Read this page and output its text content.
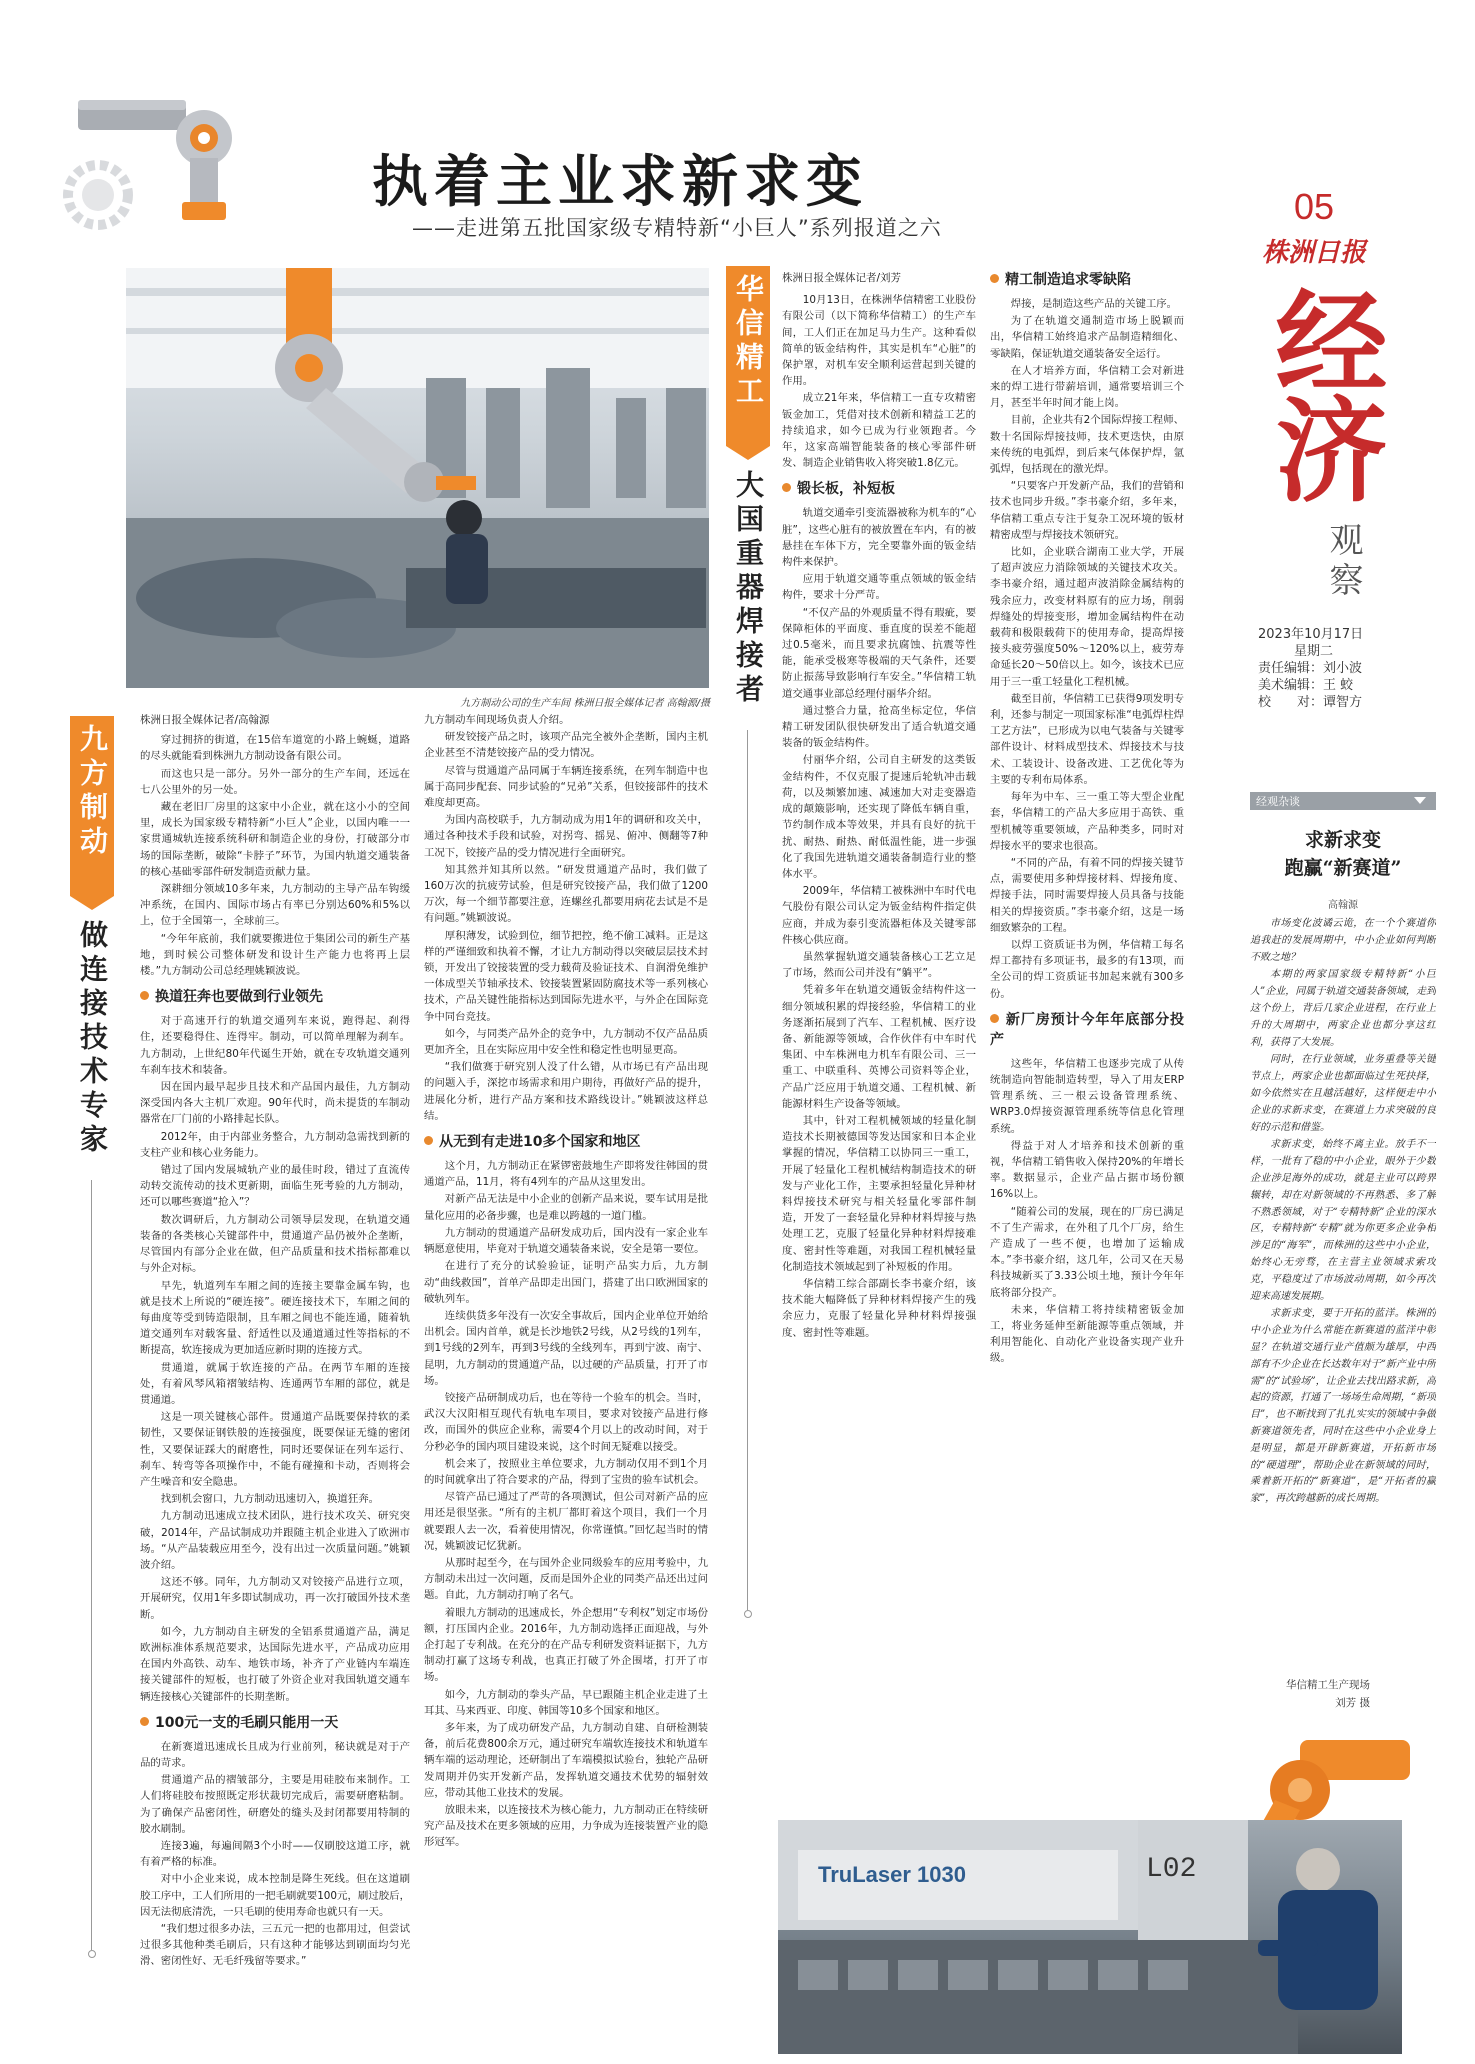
执着主业求新求变
——走进第五批国家级专精特新“小巨人”系列报道之六
05
株洲日报
经济
观察
2023年10月17日
星期二
责任编辑：刘小波
美术编辑：王 蛟
校　　对：谭智方
九方制动公司的生产车间 株洲日报全媒体记者 高翰源/摄
九方制动
做连接技术专家
株洲日报全媒体记者/高翰源

穿过拥挤的街道，在15倍车道宽的小路上蜿蜒，道路的尽头就能看到株洲九方制动设备有限公司。

而这也只是一部分。另外一部分的生产车间，还远在七八公里外的另一处。

藏在老旧厂房里的这家中小企业，就在这小小的空间里，成长为国家级专精特新“小巨人”企业，以国内唯一一家贯通城轨连接系统科研和制造企业的身份，打破部分市场的国际垄断，破除“卡脖子”环节，为国内轨道交通装备的核心基础零部件研发制造贡献力量。

深耕细分领域10多年来，九方制动的主导产品车钩缓冲系统，在国内、国际市场占有率已分别达60%和5%以上，位于全国第一，全球前三。

“今年年底前，我们就要搬进位于集团公司的新生产基地，到时候公司整体研发和设计生产能力也将再上层楼。”九方制动公司总经理姚颖波说。

换道狂奔也要做到行业领先

对于高速开行的轨道交通列车来说，跑得起、刹得住，还要稳得住、连得牢。制动，可以简单理解为刹车。九方制动，上世纪80年代诞生开始，就在专攻轨道交通列车刹车技术和装备。

因在国内最早起步且技术和产品国内最佳，九方制动深受国内各大主机厂欢迎。90年代时，尚未提货的车制动器常在厂门前的小路排起长队。

2012年，由于内部业务整合，九方制动急需找到新的支柱产业和核心业务能力。

错过了国内发展城轨产业的最佳时段，错过了直流传动转交流传动的技术更新期，面临生死考验的九方制动，还可以哪些赛道“抢入”？

数次调研后，九方制动公司领导层发现，在轨道交通装备的各类核心关键部件中，贯通道产品仍被外企垄断，尽管国内有部分企业在做，但产品质量和技术指标都难以与外企对标。

早先，轨道列车车厢之间的连接主要靠金属车钩，也就是技术上所说的“硬连接”。硬连接技术下，车厢之间的每曲度等受到铸造限制，且车厢之间也不能连通，随着轨道交通列车对载客量、舒适性以及通道通过性等指标的不断提高，软连接成为更加适应新时期的连接方式。

贯通道，就属于软连接的产品。在两节车厢的连接处，有着风琴风箱褶皱结构、连通两节车厢的部位，就是贯通道。

这是一项关键核心部件。贯通道产品既要保持软的柔韧性，又要保证钢铁般的连接强度，既要保证无缝的密闭性，又要保证踩大的耐磨性，同时还要保证在列车运行、刹车、转弯等各项操作中，不能有碰撞和卡动，否则将会产生噪音和安全隐患。

找到机会窗口，九方制动迅速切入，换道狂奔。

九方制动迅速成立技术团队，进行技术攻关、研究突破，2014年，产品试制成功并跟随主机企业进入了欧洲市场。“从产品装载应用至今，没有出过一次质量问题。”姚颖波介绍。

这还不够。同年，九方制动又对铰接产品进行立项，开展研究，仅用1年多即试制成功，再一次打破国外技术垄断。

如今，九方制动自主研发的全铝系贯通道产品，满足欧洲标准体系规范要求，达国际先进水平，产品成功应用在国内外高铁、动车、地铁市场，补齐了产业链内车端连接关键部件的短板，也打破了外资企业对我国轨道交通车辆连接核心关键部件的长期垄断。

100元一支的毛刷只能用一天

在新赛道迅速成长且成为行业前列，秘诀就是对于产品的苛求。

贯通道产品的褶皱部分，主要是用硅胶布来制作。工人们将硅胶布按照既定形状裁切完成后，需要研磨粘制。为了确保产品密闭性，研磨处的缝头及封闭都要用特制的胶水刷制。

连接3遍，每遍间隔3个小时——仅刷胶这道工序，就有着严格的标准。

对中小企业来说，成本控制是降生死线。但在这道刷胶工序中，工人们所用的一把毛刷就要100元，刷过胶后，因无法彻底清洗，一只毛刷的使用寿命也就只有一天。

“我们想过很多办法，三五元一把的也都用过，但尝试过很多其他种类毛刷后，只有这种才能够达到刷面均匀光滑、密闭性好、无毛纤残留等要求。”

九方制动车间现场负责人介绍。

研发铰接产品之时，该项产品完全被外企垄断，国内主机企业甚至不清楚铰接产品的受力情况。

尽管与贯通道产品同属于车辆连接系统，在列车制造中也属于高同步配套、同步试验的“兄弟”关系，但铰接部件的技术难度却更高。

为国内高校联手，九方制动成为用1年的调研和攻关中，通过各种技术手段和试验，对拐弯、摇晃、俯冲、侧翻等7种工况下，铰接产品的受力情况进行全面研究。

知其然并知其所以然。“研发贯通道产品时，我们做了160万次的抗疲劳试验，但是研究铰接产品，我们做了1200万次，每一个细节都要注意，连螺丝孔都要用病花去试是不是有问题。”姚颖波说。

厚积薄发，试验到位，细节把控，绝不偷工减料。正是这样的严谨细致和执着不懈，才让九方制动得以突破层层技术封锁，开发出了铰接装置的受力载荷及验证技术、自润滑免维护一体成型关节轴承技术、铰接装置紧固防腐技术等一系列核心技术，产品关键性能指标达到国际先进水平，与外企在国际竞争中同台竞技。

如今，与同类产品外企的竞争中，九方制动不仅产品品质更加齐全，且在实际应用中安全性和稳定性也明显更高。

“我们做赛于研究别人没了什么错，从市场已有产品出现的问题入手，深挖市场需求和用户期待，再做好产品的提升，进展化分析，进行产品方案和技术路线设计。”姚颖波这样总结。

从无到有走进10多个国家和地区

这个月，九方制动正在紧锣密鼓地生产即将发往韩国的贯通道产品，11月，将有4列车的产品从这里发出。

对新产品无法是中小企业的创新产品来说，要车试用是批量化应用的必备步骤，也是难以跨越的一道门槛。

九方制动的贯通道产品研发成功后，国内没有一家企业车辆愿意使用，毕竟对于轨道交通装备来说，安全是第一要位。

在进行了充分的试验验证，证明产品实力后，九方制动“曲线救国”，首单产品即走出国门，搭建了出口欧洲国家的破轨列车。

连续供货多年没有一次安全事故后，国内企业单位开始给出机会。国内首单，就是长沙地铁2号线，从2号线的1列车，到1号线的2列车，再到3号线的全线列车，再到宁波、南宁、昆明，九方制动的贯通道产品，以过硬的产品质量，打开了市场。

铰接产品研制成功后，也在等待一个验车的机会。当时，武汉大汉阳相互现代有轨电车项目，要求对铰接产品进行修改，而国外的供应企业称，需要4个月以上的改动时间，对于分秒必争的国内项目建设来说，这个时间无疑难以接受。

机会来了，按照业主单位要求，九方制动仅用不到1个月的时间就拿出了符合要求的产品，得到了宝贵的验车试机会。

尽管产品已通过了严苛的各项测试，但公司对新产品的应用还是很坚张。“所有的主机厂都盯着这个项目，我们一个月就要跟人去一次，看着使用情况，你常谨慎。”回忆起当时的情况，姚颖波记忆犹新。

从那时起至今，在与国外企业同级验车的应用考验中，九方制动未出过一次问题，反而是国外企业的同类产品还出过问题。自此，九方制动打响了名气。

着眼九方制动的迅速成长，外企想用“专利权”划定市场份额，打压国内企业。2016年，九方制动选择正面迎战，与外企打起了专利战。在充分的在产品专利研发资料证据下，九方制动打赢了这场专利战，也真正打破了外企围堵，打开了市场。

如今，九方制动的拳头产品，早已跟随主机企业走进了土耳其、马来西亚、印度、韩国等10多个国家和地区。

多年来，为了成功研发产品，九方制动自建、自研检测装备，前后花费800余万元，通过研究车端软连接技术和轨道车辆车端的运动理论，还研制出了车端模拟试验台，独轮产品研发周期并仍实开发新产品，发挥轨道交通技术优势的辐射效应，带动其他工业技术的发展。

放眼未来，以连接技术为核心能力，九方制动正在特续研究产品及技术在更多领域的应用，力争成为连接装置产业的隐形冠军。

华信精工
大国重器焊接者
株洲日报全媒体记者/刘芳

10月13日，在株洲华信精密工业股份有限公司（以下简称华信精工）的生产车间，工人们正在加足马力生产。这种看似简单的钣金结构件，其实是机车“心脏”的保护罩，对机车安全顺利运营起到关键的作用。

成立21年来，华信精工一直专攻精密钣金加工，凭借对技术创新和精益工艺的持续追求，如今已成为行业领跑者。今年，这家高端智能装备的核心零部件研发、制造企业销售收入将突破1.8亿元。

锻长板，补短板

轨道交通牵引变流器被称为机车的“心脏”，这些心脏有的被放置在车内，有的被悬挂在车体下方，完全要靠外面的钣金结构件来保护。

应用于轨道交通等重点领域的钣金结构件，要求十分严苛。

“不仅产品的外观质量不得有瑕疵，要保障柜体的平面度、垂直度的误差不能超过0.5毫米，而且要求抗腐蚀、抗震等性能，能承受极寒等极端的天气条件，还要防止振荡导致影响行车安全。”华信精工轨道交通事业部总经理付丽华介绍。

通过整合力量，抢高坐标定位，华信精工研发团队很快研发出了适合轨道交通装备的钣金结构件。

付丽华介绍，公司自主研发的这类钣金结构件，不仅克服了提速后轮轨冲击载荷，以及频繁加速、减速加大对走变器造成的颠簸影响，还实现了降低车辆自重，节约制作成本等效果，并具有良好的抗干扰、耐热、耐热、耐低温性能，进一步强化了我国先进轨道交通装备制造行业的整体水平。

2009年，华信精工被株洲中车时代电气股份有限公司认定为钣金结构件指定供应商，并成为泰引变流器柜体及关键零部件核心供应商。

虽然掌握轨道交通装备核心工艺立足了市场，然而公司并没有“躺平”。

凭着多年在轨道交通钣金结构件这一细分领域积累的焊接经验，华信精工的业务逐渐拓展到了汽车、工程机械、医疗设备、新能源等领域，合作伙伴有中车时代集团、中车株洲电力机车有限公司、三一重工、中联重科、英博公司资料等企业，产品广泛应用于轨道交通、工程机械、新能源材料生产设备等领域。

其中，针对工程机械领域的轻量化制造技术长期被德国等发达国家和日本企业掌握的情况，华信精工以协同三一重工，开展了轻量化工程机械结构制造技术的研发与产业化工作，主要承担轻量化异种材料焊接技术研究与相关轻量化零部件制造，开发了一套轻量化异种材料焊接与热处理工艺，克服了轻量化异种材料焊接难度、密封性等难题，对我国工程机械轻量化制造技术领域起到了补短板的作用。

华信精工综合部副长李书豪介绍，该技术能大幅降低了异种材料焊接产生的残余应力，克服了轻量化异种材料焊接强度、密封性等难题。

精工制造追求零缺陷

焊接，是制造这些产品的关键工序。

为了在轨道交通制造市场上脱颖而出，华信精工始终追求产品制造精细化、零缺陷，保证轨道交通装备安全运行。

在人才培养方面，华信精工会对新进来的焊工进行带薪培训，通常要培训三个月，甚至半年时间才能上岗。

目前，企业共有2个国际焊接工程师、数十名国际焊接技师，技术更迭快，由原来传统的电弧焊，到后来气体保护焊，氩弧焊，包括现在的激光焊。

“只要客户开发新产品，我们的营销和技术也同步升级。”李书豪介绍，多年来，华信精工重点专注于复杂工况环境的钣材精密成型与焊接技术领研究。

比如，企业联合湖南工业大学，开展了超声波应力消除领域的关键技术攻关。李书豪介绍，通过超声波消除金属结构的残余应力，改变材料原有的应力场，削弱焊缝处的焊接变形，增加金属结构件在动载荷和极限载荷下的使用寿命，提高焊接接头疲劳强度50%～120%以上，疲劳寿命延长20～50倍以上。如今，该技术已应用于三一重工轻量化工程机械。

截至目前，华信精工已获得9项发明专利，还参与制定一项国家标准“电弧焊柱焊工艺方法”，已形成为以电气装备与关键零部件设计、材料成型技术、焊接技术与技术、工装设计、设备改进、工艺优化等为主要的专利布局体系。

每年为中车、三一重工等大型企业配套，华信精工的产品大多应用于高铁、重型机械等重要领域，产品种类多，同时对焊接水平的要求也很高。

“不同的产品，有着不同的焊接关键节点，需要使用多种焊接材料、焊接角度、焊接手法，同时需要焊接人员具备与技能相关的焊接资质。”李书豪介绍，这是一场细致繁杂的工程。

以焊工资质证书为例，华信精工每名焊工都持有多项证书，最多的有13项，而全公司的焊工资质证书加起来就有300多份。

新厂房预计今年年底部分投产

这些年，华信精工也逐步完成了从传统制造向智能制造转型，导入了用友ERP管理系统、三一根云设备管理系统、WRP3.0焊接资源管理系统等信息化管理系统。

得益于对人才培养和技术创新的重视，华信精工销售收入保持20%的年增长率。数据显示，企业产品占据市场份额16%以上。

“随着公司的发展，现在的厂房已满足不了生产需求，在外租了几个厂房，给生产造成了一些不便，也增加了运输成本。”李书豪介绍，这几年，公司又在天易科技城新买了3.33公顷土地，预计今年年底将部分投产。

未来，华信精工将持续精密钣金加工，将业务延伸至新能源等重点领域，并利用智能化、自动化产业设备实现产业升级。

经观杂谈
求新求变
跑赢“新赛道”
高翰源

市场变化波谲云诡，在一个个赛道你追我赶的发展周期中，中小企业如何判断不败之地？

本期的两家国家级专精特新“小巨人”企业，同属于轨道交通装备领域，走到这个份上，背后几家企业进程，在行业上升的大周期中，两家企业也都分享这红利，获得了大发展。

同时，在行业领域，业务重叠等关键节点上，两家企业也都面临过生死抉择，如今依然实在且越活越好，这样便走中小企业的求新求变，在赛道上力求突破的良好的示范和借鉴。

求新求变，始终不离主业。放手不一样，一批有了稳的中小企业，眼外于少数企业涉足海外的成功，就是主业可以跨界辗转，却在对新领域的不再熟悉、多了解不熟悉领域，对于“专精特新”企业的深水区，专精特新“专精”就为你更多企业争相涉足的“海军”，而株洲的这些中小企业，始终心无旁骛，在主营主业领域求索攻克，平稳度过了市场波动周期，如今再次迎来高速发展期。

求新求变，要于开拓的蓝洋。株洲的中小企业为什么常能在新赛道的蓝洋中彰显？在轨道交通行业产值颇为雄厚，中西部有不少企业在长达数年对于“新产业中所需”的“试验场”，让企业去找出路求新，高起的资源，打通了一场场生命周期，“新项目”，也不断找到了扎扎实实的领域中争做新赛道领先者，同时在这些中小企业身上是明显，都是开辟新赛道，开拓新市场的“硬道理”，帮助企业在新领域的同时，乘着新开拓的“新赛道”，是“开拓者的赢家”，再次跨越新的成长周期。

华信精工生产现场
刘芳 摄
TruLaser 1030	L02
